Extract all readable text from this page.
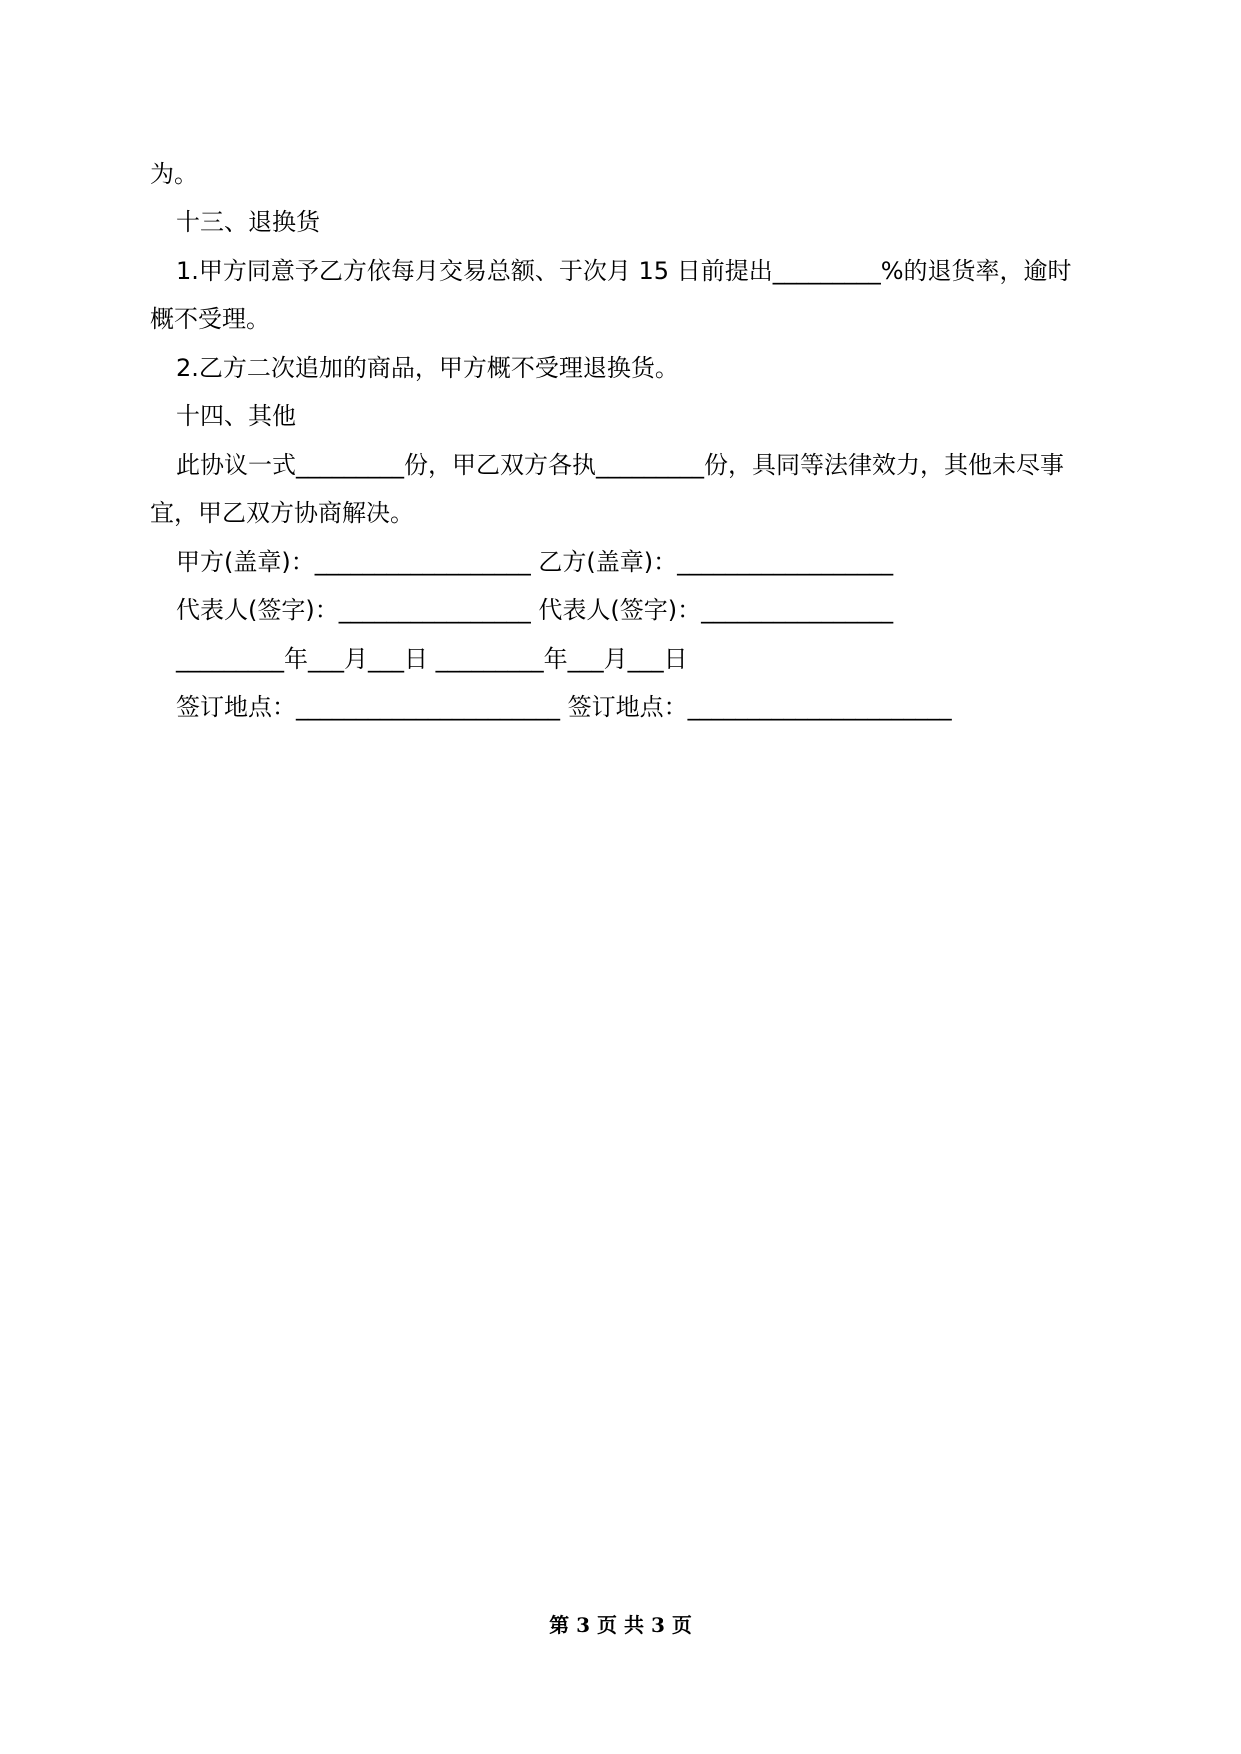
为。
十三、退换货
1.甲方同意予乙方依每月交易总额、于次月 15 日前提出_________%的退货率，逾时
概不受理。
2.乙方二次追加的商品，甲方概不受理退换货。
十四、其他
此协议一式_________份，甲乙双方各执_________份，具同等法律效力，其他未尽事
宜，甲乙双方协商解决。
甲方(盖章)：__________________ 乙方(盖章)：__________________
代表人(签字)：________________ 代表人(签字)：________________
_________年___月___日 _________年___月___日
签订地点：______________________ 签订地点：______________________
第 3 页 共 3 页
